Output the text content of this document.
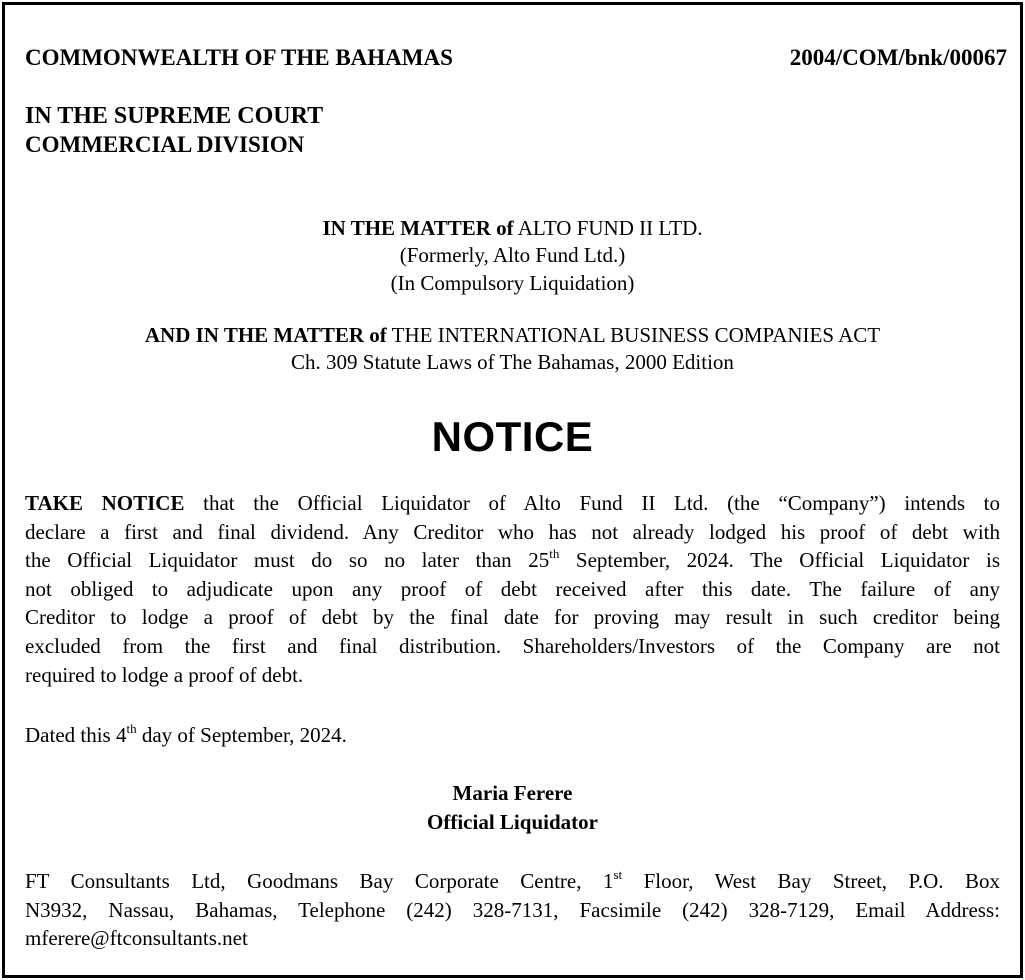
COMMONWEALTH OF THE BAHAMAS	2004/COM/bnk/00067
IN THE SUPREME COURT
COMMERCIAL DIVISION
IN THE MATTER of ALTO FUND II LTD.
(Formerly, Alto Fund Ltd.)
(In Compulsory Liquidation)
AND IN THE MATTER of THE INTERNATIONAL BUSINESS COMPANIES ACT
Ch. 309 Statute Laws of The Bahamas, 2000 Edition
NOTICE
TAKE NOTICE that the Official Liquidator of Alto Fund II Ltd. (the “Company”) intends to
declare a first and final dividend. Any Creditor who has not already lodged his proof of debt with
the Official Liquidator must do so no later than 25th September, 2024. The Official Liquidator is
not obliged to adjudicate upon any proof of debt received after this date. The failure of any
Creditor to lodge a proof of debt by the final date for proving may result in such creditor being
excluded from the first and final distribution. Shareholders/Investors of the Company are not
required to lodge a proof of debt.
Dated this 4th day of September, 2024.
Maria Ferere
Official Liquidator
FT Consultants Ltd, Goodmans Bay Corporate Centre, 1st Floor, West Bay Street, P.O. Box
N3932, Nassau, Bahamas, Telephone (242) 328-7131, Facsimile (242) 328-7129, Email Address:
mferere@ftconsultants.net
